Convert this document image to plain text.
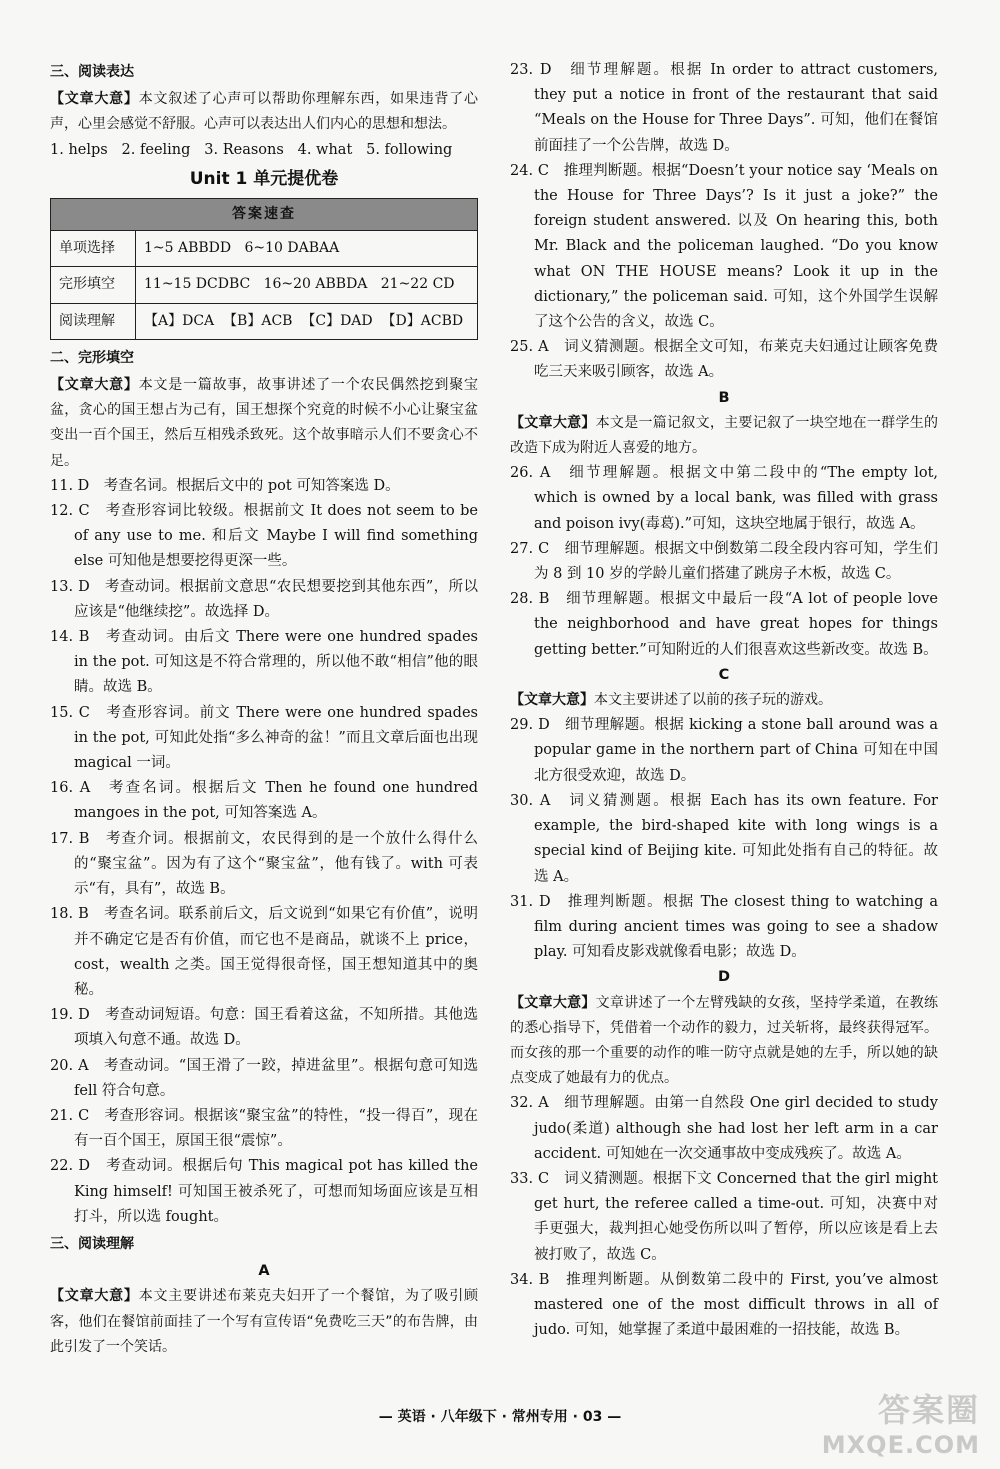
三、阅读表达

【文章大意】本文叙述了心声可以帮助你理解东西，如果违背了心声，心里会感觉不舒服。心声可以表达出人们内心的思想和想法。

1. helps   2. feeling   3. Reasons   4. what   5. following

Unit 1 单元提优卷
答案速查	
单项选择	1~5 ABBDD   6~10 DABAA
完形填空	11~15 DCDBC   16~20 ABBDA   21~22 CD
阅读理解	【A】DCA  【B】ACB  【C】DAD  【D】ACBD

二、完形填空

【文章大意】本文是一篇故事，故事讲述了一个农民偶然挖到聚宝盆，贪心的国王想占为己有，国王想探个究竟的时候不小心让聚宝盆变出一百个国王，然后互相残杀致死。这个故事暗示人们不要贪心不足。

11. D　考查名词。根据后文中的 pot 可知答案选 D。

12. C　考查形容词比较级。根据前文 It does not seem to be of any use to me. 和后文 Maybe I will find something else 可知他是想要挖得更深一些。

13. D　考查动词。根据前文意思“农民想要挖到其他东西”，所以应该是“他继续挖”。故选择 D。

14. B　考查动词。由后文 There were one hundred spades in the pot. 可知这是不符合常理的，所以他不敢“相信”他的眼睛。故选 B。

15. C　考查形容词。前文 There were one hundred spades in the pot, 可知此处指“多么神奇的盆！”而且文章后面也出现 magical 一词。

16. A　考查名词。根据后文 Then he found one hundred mangoes in the pot, 可知答案选 A。

17. B　考查介词。根据前文，农民得到的是一个放什么得什么的“聚宝盆”。因为有了这个“聚宝盆”，他有钱了。with 可表示“有，具有”，故选 B。

18. B　考查名词。联系前后文，后文说到“如果它有价值”，说明并不确定它是否有价值，而它也不是商品，就谈不上 price，cost，wealth 之类。国王觉得很奇怪，国王想知道其中的奥秘。

19. D　考查动词短语。句意：国王看着这盆，不知所措。其他选项填入句意不通。故选 D。

20. A　考查动词。“国王滑了一跤，掉进盆里”。根据句意可知选 fell 符合句意。

21. C　考查形容词。根据该“聚宝盆”的特性，“投一得百”，现在有一百个国王，原国王很“震惊”。

22. D　考查动词。根据后句 This magical pot has killed the King himself! 可知国王被杀死了，可想而知场面应该是互相打斗，所以选 fought。

三、阅读理解

A

【文章大意】本文主要讲述布莱克夫妇开了一个餐馆，为了吸引顾客，他们在餐馆前面挂了一个写有宣传语“免费吃三天”的布告牌，由此引发了一个笑话。

23. D　细节理解题。根据 In order to attract customers, they put a notice in front of the restaurant that said “Meals on the House for Three Days”. 可知，他们在餐馆前面挂了一个公告牌，故选 D。

24. C　推理判断题。根据“Doesn’t your notice say ‘Meals on the House for Three Days’? Is it just a joke?” the foreign student answered. 以及 On hearing this, both Mr. Black and the policeman laughed. “Do you know what ON THE HOUSE means? Look it up in the dictionary,” the policeman said. 可知，这个外国学生误解了这个公告的含义，故选 C。

25. A　词义猜测题。根据全文可知，布莱克夫妇通过让顾客免费吃三天来吸引顾客，故选 A。

B

【文章大意】本文是一篇记叙文，主要记叙了一块空地在一群学生的改造下成为附近人喜爱的地方。

26. A　细节理解题。根据文中第二段中的“The empty lot, which is owned by a local bank, was filled with grass and poison ivy(毒葛).”可知，这块空地属于银行，故选 A。

27. C　细节理解题。根据文中倒数第二段全段内容可知，学生们为 8 到 10 岁的学龄儿童们搭建了跳房子木板，故选 C。

28. B　细节理解题。根据文中最后一段“A lot of people love the neighborhood and have great hopes for things getting better.”可知附近的人们很喜欢这些新改变。故选 B。

C

【文章大意】本文主要讲述了以前的孩子玩的游戏。

29. D　细节理解题。根据 kicking a stone ball around was a popular game in the northern part of China 可知在中国北方很受欢迎，故选 D。

30. A　词义猜测题。根据 Each has its own feature. For example, the bird-shaped kite with long wings is a special kind of Beijing kite. 可知此处指有自己的特征。故选 A。

31. D　推理判断题。根据 The closest thing to watching a film during ancient times was going to see a shadow play. 可知看皮影戏就像看电影；故选 D。

D

【文章大意】文章讲述了一个左臂残缺的女孩，坚持学柔道，在教练的悉心指导下，凭借着一个动作的毅力，过关斩将，最终获得冠军。而女孩的那一个重要的动作的唯一防守点就是她的左手，所以她的缺点变成了她最有力的优点。

32. A　细节理解题。由第一自然段 One girl decided to study judo(柔道) although she had lost her left arm in a car accident. 可知她在一次交通事故中变成残疾了。故选 A。

33. C　词义猜测题。根据下文 Concerned that the girl might get hurt, the referee called a time-out. 可知，决赛中对手更强大，裁判担心她受伤所以叫了暂停，所以应该是看上去被打败了，故选 C。

34. B　推理判断题。从倒数第二段中的 First, you’ve almost mastered one of the most difficult throws in all of judo. 可知，她掌握了柔道中最困难的一招技能，故选 B。

— 英语 · 八年级下 · 常州专用 · 03 —	答案圈
MXQE.COM
